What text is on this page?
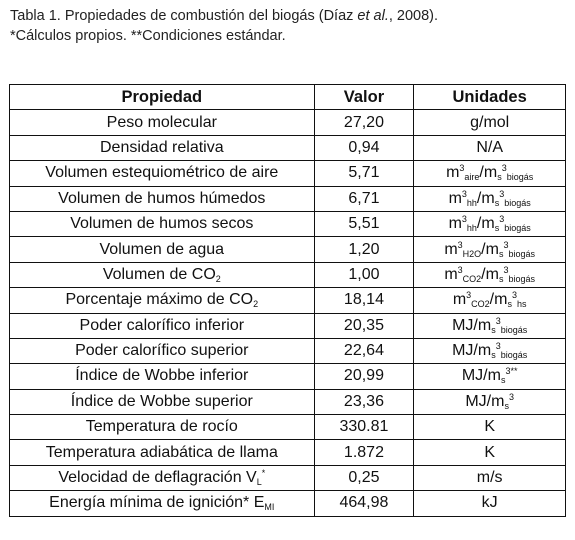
Tabla 1. Propiedades de combustión del biogás (Díaz et al., 2008).
*Cálculos propios. **Condiciones estándar.
Propiedad	Valor	Unidades
Peso molecular	27,20	g/mol
Densidad relativa	0,94	N/A
Volumen estequiométrico de aire	5,71	$m^3_{aire}/m_s^3_{biogás}$
Volumen de humos húmedos	6,71	$m^3_{hh}/m_s^3_{biogás}$
Volumen de humos secos	5,51	$m^3_{hh}/m_s^3_{biogás}$
Volumen de agua	1,20	$m^3_{H2O}/m_s^3_{biogás}$
Volumen de $CO_2$	1,00	$m^3_{CO2}/m_s^3_{biogás}$
Porcentaje máximo de $CO_2$	18,14	$m^3_{CO2}/m_s^3_{hs}$
Poder calorífico inferior	20,35	$MJ/m_s^3_{biogás}$
Poder calorífico superior	22,64	$MJ/m_s^3_{biogás}$
Índice de Wobbe inferior	20,99	$MJ/m_s^{3**}$
Índice de Wobbe superior	23,36	$MJ/m_s^3$
Temperatura de rocío	330.81	K
Temperatura adiabática de llama	1.872	K
Velocidad de deflagración $V_L^*$	0,25	m/s
Energía mínima de ignición* $E_{MI}$	464,98	kJ
